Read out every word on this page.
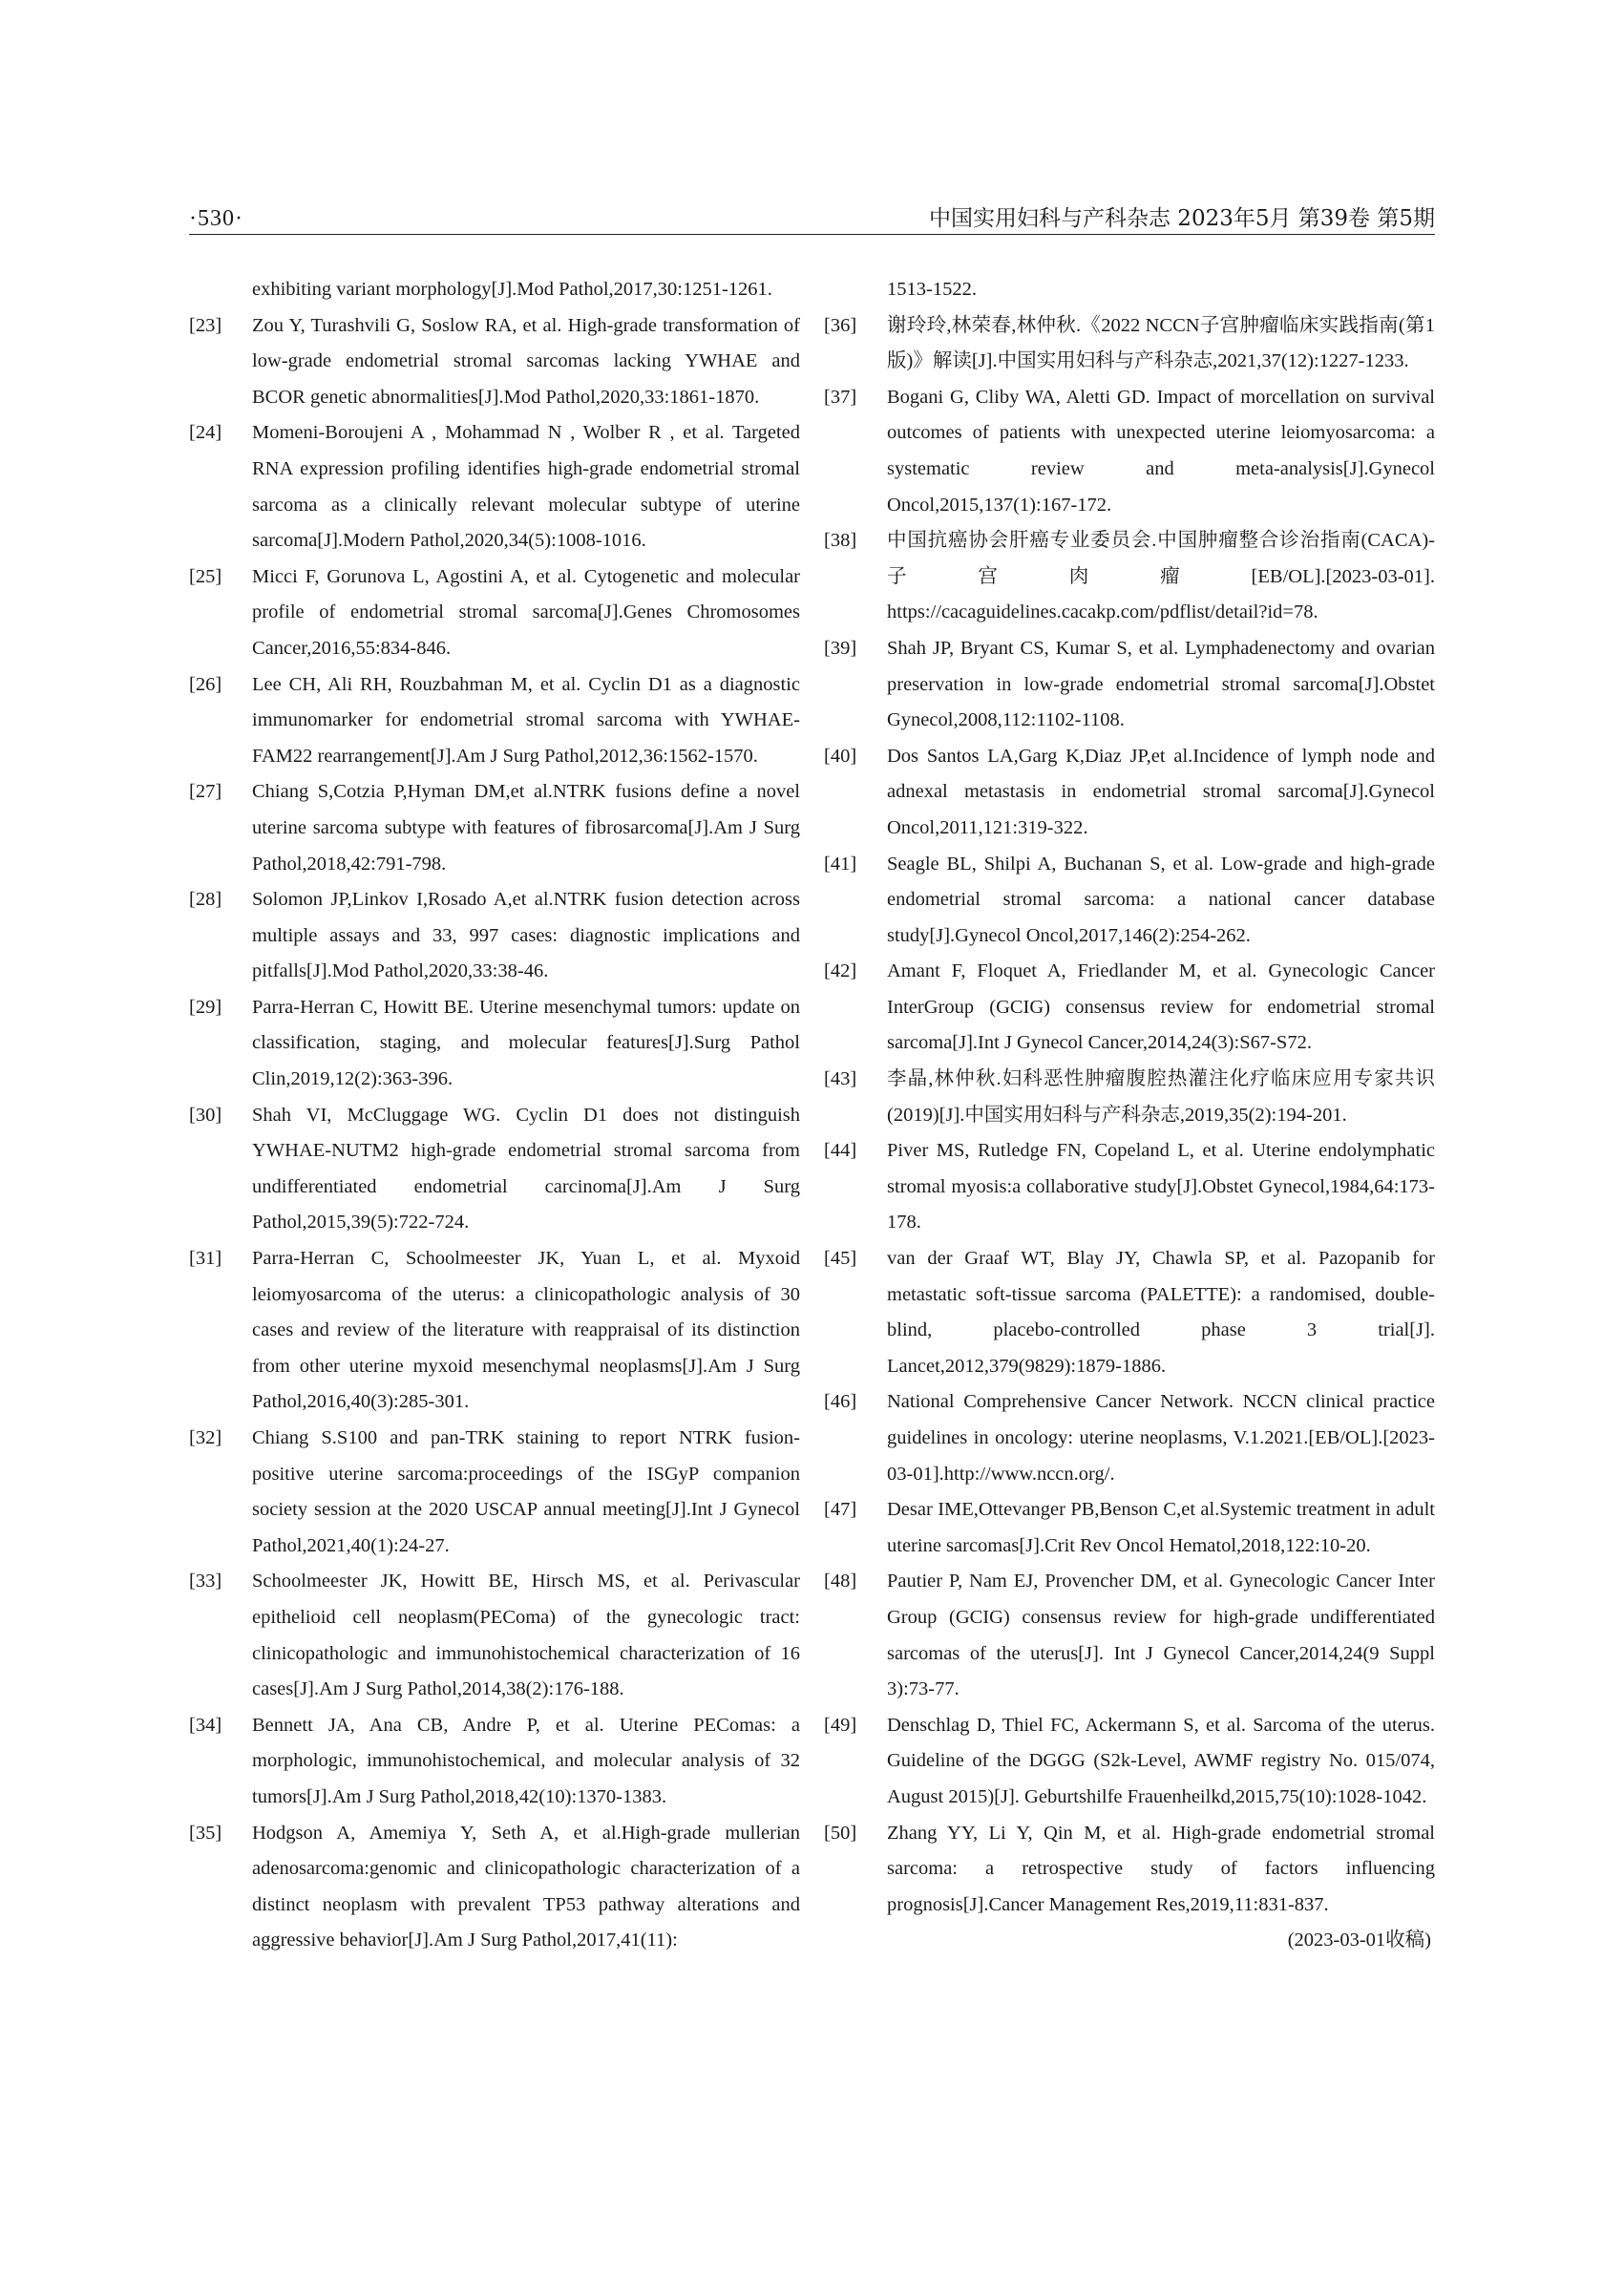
·530·	中国实用妇科与产科杂志 2023年5月 第39卷 第5期
exhibiting variant morphology[J].Mod Pathol,2017,30:1251-1261.
[23]	Zou Y, Turashvili G, Soslow RA, et al. High-grade transformation of low-grade endometrial stromal sarcomas lacking YWHAE and BCOR genetic abnormalities[J].Mod Pathol,2020,33:1861-1870.
[24]	Momeni-Boroujeni A , Mohammad N , Wolber R , et al. Targeted RNA expression profiling identifies high-grade endometrial stromal sarcoma as a clinically relevant molecular subtype of uterine sarcoma[J].Modern Pathol,2020,34(5):1008-1016.
[25]	Micci F, Gorunova L, Agostini A, et al. Cytogenetic and molecular profile of endometrial stromal sarcoma[J].Genes Chromosomes Cancer,2016,55:834-846.
[26]	Lee CH, Ali RH, Rouzbahman M, et al. Cyclin D1 as a diagnostic immunomarker for endometrial stromal sarcoma with YWHAE-FAM22 rearrangement[J].Am J Surg Pathol,2012,36:1562-1570.
[27]	Chiang S,Cotzia P,Hyman DM,et al.NTRK fusions define a novel uterine sarcoma subtype with features of fibrosarcoma[J].Am J Surg Pathol,2018,42:791-798.
[28]	Solomon JP,Linkov I,Rosado A,et al.NTRK fusion detection across multiple assays and 33, 997 cases: diagnostic implications and pitfalls[J].Mod Pathol,2020,33:38-46.
[29]	Parra-Herran C, Howitt BE. Uterine mesenchymal tumors: update on classification, staging, and molecular features[J].Surg Pathol Clin,2019,12(2):363-396.
[30]	Shah VI, McCluggage WG. Cyclin D1 does not distinguish YWHAE-NUTM2 high-grade endometrial stromal sarcoma from undifferentiated endometrial carcinoma[J].Am J Surg Pathol,2015,39(5):722-724.
[31]	Parra-Herran C, Schoolmeester JK, Yuan L, et al. Myxoid leiomyosarcoma of the uterus: a clinicopathologic analysis of 30 cases and review of the literature with reappraisal of its distinction from other uterine myxoid mesenchymal neoplasms[J].Am J Surg Pathol,2016,40(3):285-301.
[32]	Chiang S.S100 and pan-TRK staining to report NTRK fusion-positive uterine sarcoma:proceedings of the ISGyP companion society session at the 2020 USCAP annual meeting[J].Int J Gynecol Pathol,2021,40(1):24-27.
[33]	Schoolmeester JK, Howitt BE, Hirsch MS, et al. Perivascular epithelioid cell neoplasm(PEComa) of the gynecologic tract: clinicopathologic and immunohistochemical characterization of 16 cases[J].Am J Surg Pathol,2014,38(2):176-188.
[34]	Bennett JA, Ana CB, Andre P, et al. Uterine PEComas: a morphologic, immunohistochemical, and molecular analysis of 32 tumors[J].Am J Surg Pathol,2018,42(10):1370-1383.
[35]	Hodgson A, Amemiya Y, Seth A, et al.High-grade mullerian adenosarcoma:genomic and clinicopathologic characterization of a distinct neoplasm with prevalent TP53 pathway alterations and aggressive behavior[J].Am J Surg Pathol,2017,41(11):
1513-1522.
[36]	谢玲玲,林荣春,林仲秋.《2022 NCCN子宫肿瘤临床实践指南(第1版)》解读[J].中国实用妇科与产科杂志,2021,37(12):1227-1233.
[37]	Bogani G, Cliby WA, Aletti GD. Impact of morcellation on survival outcomes of patients with unexpected uterine leiomyosarcoma: a systematic review and meta-analysis[J].Gynecol Oncol,2015,137(1):167-172.
[38]	中国抗癌协会肝癌专业委员会.中国肿瘤整合诊治指南(CACA)-子宫肉瘤[EB/OL].[2023-03-01]. https://cacaguidelines.cacakp.com/pdflist/detail?id=78.
[39]	Shah JP, Bryant CS, Kumar S, et al. Lymphadenectomy and ovarian preservation in low-grade endometrial stromal sarcoma[J].Obstet Gynecol,2008,112:1102-1108.
[40]	Dos Santos LA,Garg K,Diaz JP,et al.Incidence of lymph node and adnexal metastasis in endometrial stromal sarcoma[J].Gynecol Oncol,2011,121:319-322.
[41]	Seagle BL, Shilpi A, Buchanan S, et al. Low-grade and high-grade endometrial stromal sarcoma: a national cancer database study[J].Gynecol Oncol,2017,146(2):254-262.
[42]	Amant F, Floquet A, Friedlander M, et al. Gynecologic Cancer InterGroup (GCIG) consensus review for endometrial stromal sarcoma[J].Int J Gynecol Cancer,2014,24(3):S67-S72.
[43]	李晶,林仲秋.妇科恶性肿瘤腹腔热灌注化疗临床应用专家共识(2019)[J].中国实用妇科与产科杂志,2019,35(2):194-201.
[44]	Piver MS, Rutledge FN, Copeland L, et al. Uterine endolymphatic stromal myosis:a collaborative study[J].Obstet Gynecol,1984,64:173-178.
[45]	van der Graaf WT, Blay JY, Chawla SP, et al. Pazopanib for metastatic soft-tissue sarcoma (PALETTE): a randomised, double-blind, placebo-controlled phase 3 trial[J]. Lancet,2012,379(9829):1879-1886.
[46]	National Comprehensive Cancer Network. NCCN clinical practice guidelines in oncology: uterine neoplasms, V.1.2021.[EB/OL].[2023-03-01].http://www.nccn.org/.
[47]	Desar IME,Ottevanger PB,Benson C,et al.Systemic treatment in adult uterine sarcomas[J].Crit Rev Oncol Hematol,2018,122:10-20.
[48]	Pautier P, Nam EJ, Provencher DM, et al. Gynecologic Cancer Inter Group (GCIG) consensus review for high-grade undifferentiated sarcomas of the uterus[J]. Int J Gynecol Cancer,2014,24(9 Suppl 3):73-77.
[49]	Denschlag D, Thiel FC, Ackermann S, et al. Sarcoma of the uterus. Guideline of the DGGG (S2k-Level, AWMF registry No. 015/074, August 2015)[J]. Geburtshilfe Frauenheilkd,2015,75(10):1028-1042.
[50]	Zhang YY, Li Y, Qin M, et al. High-grade endometrial stromal sarcoma: a retrospective study of factors influencing prognosis[J].Cancer Management Res,2019,11:831-837.
(2023-03-01收稿)
